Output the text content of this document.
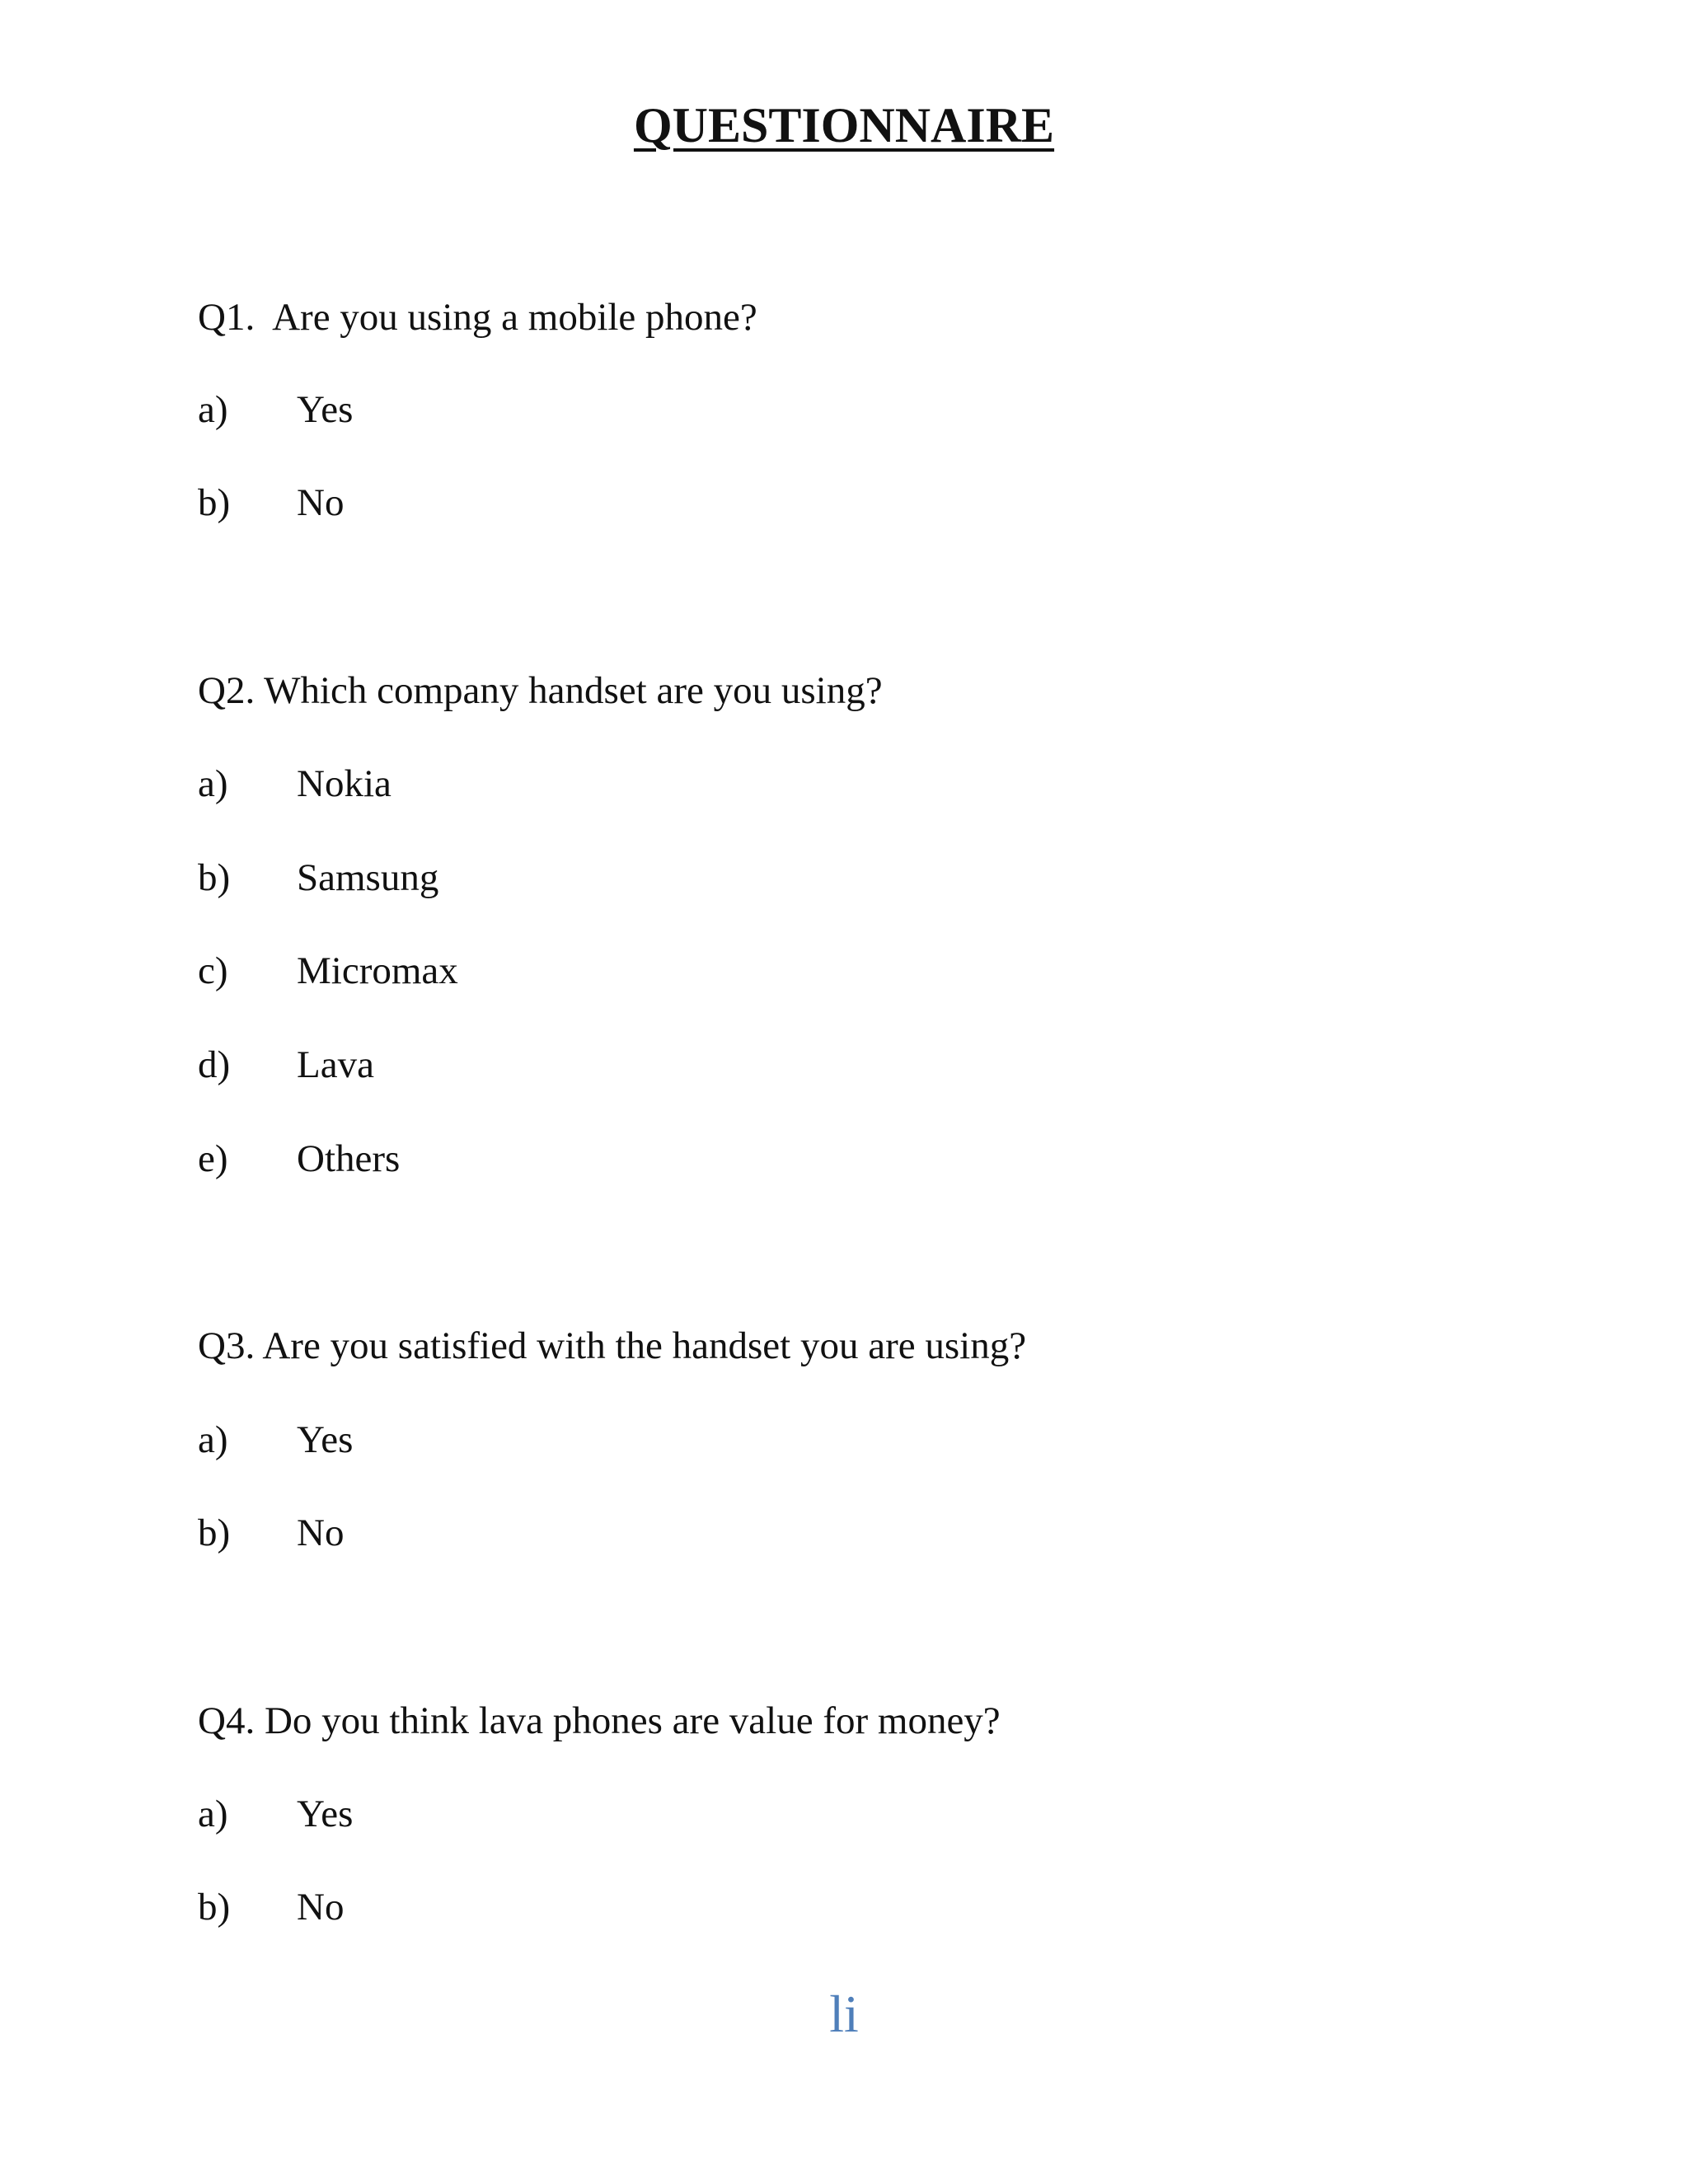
QUESTIONNAIRE
Q1.  Are you using a mobile phone?
a) Yes
b) No
Q2. Which company handset are you using?
a) Nokia
b) Samsung
c) Micromax
d) Lava
e) Others
Q3. Are you satisfied with the handset you are using?
a) Yes
b) No
Q4. Do you think lava phones are value for money?
a) Yes
b) No
li
